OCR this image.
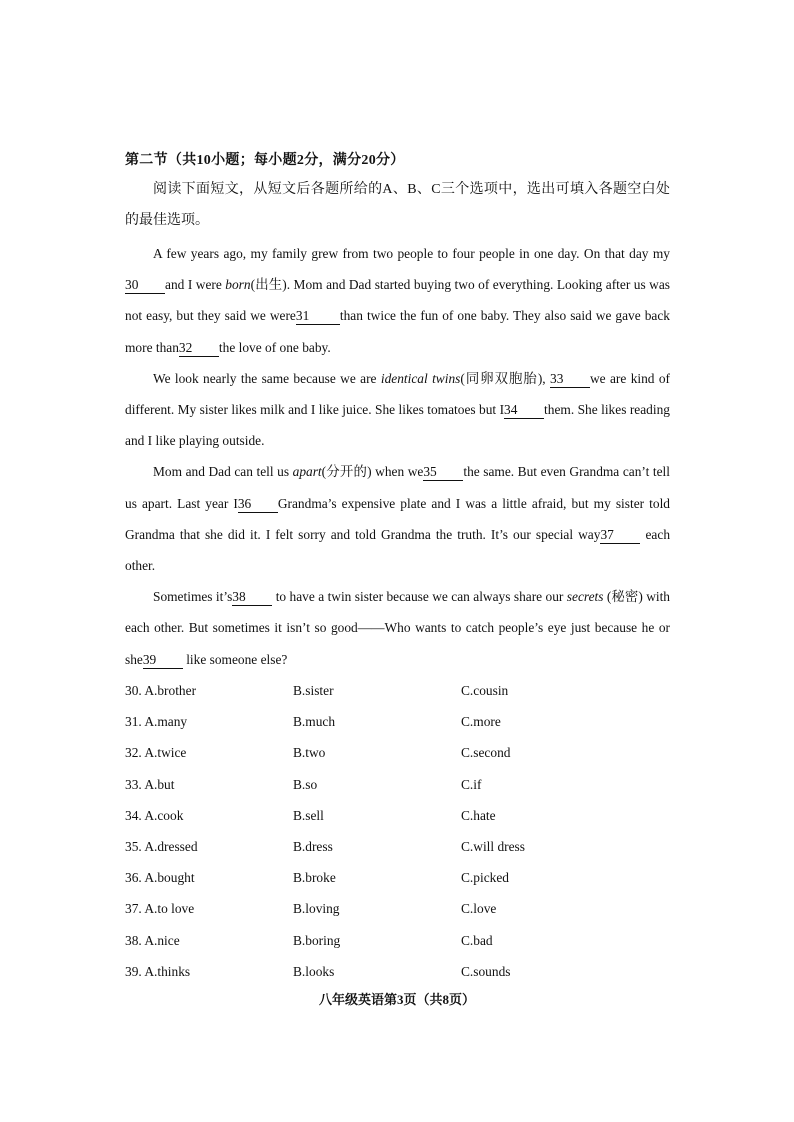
第二节（共10小题；每小题2分，满分20分）
阅读下面短文，从短文后各题所给的A、B、C三个选项中，选出可填入各题空白处的最佳选项。

A few years ago, my family grew from two people to four people in one day. On that day my30 and I were born(出生). Mom and Dad started buying two of everything. Looking after us was not easy, but they said we were31 than twice the fun of one baby. They also said we gave back more than32 the love of one baby.

We look nearly the same because we are identical twins(同卵双胞胎), 33 we are kind of different. My sister likes milk and I like juice. She likes tomatoes but I34 them. She likes reading and I like playing outside.

Mom and Dad can tell us apart(分开的) when we35 the same. But even Grandma can’t tell us apart. Last year I36 Grandma’s expensive plate and I was a little afraid, but my sister told Grandma that she did it. I felt sorry and told Grandma the truth. It’s our special way37 each other.

Sometimes it’s38 to have a twin sister because we can always share our secrets (秘密) with each other. But sometimes it isn’t so good——Who wants to catch people’s eye just because he or she39 like someone else?

30. A.brother	B.sister	C.cousin
31. A.many	B.much	C.more
32. A.twice	B.two	C.second
33. A.but	B.so	C.if
34. A.cook	B.sell	C.hate
35. A.dressed	B.dress	C.will dress
36. A.bought	B.broke	C.picked
37. A.to love	B.loving	C.love
38. A.nice	B.boring	C.bad
39. A.thinks	B.looks	C.sounds
八年级英语第3页（共8页）
